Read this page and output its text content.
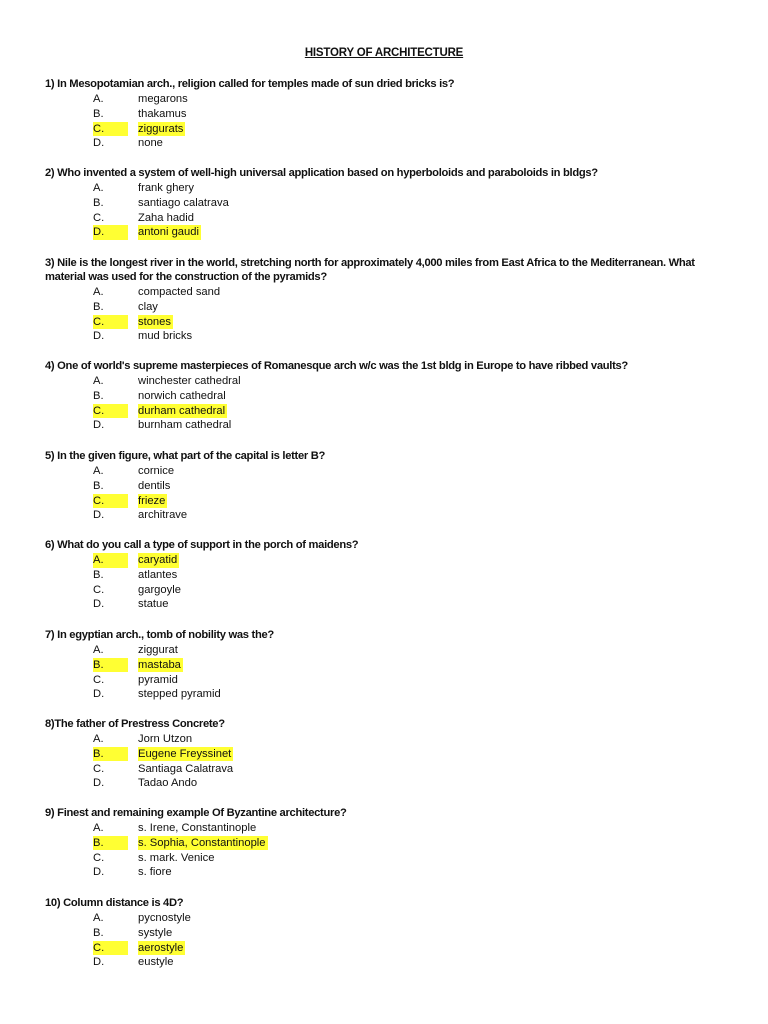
HISTORY OF ARCHITECTURE
1) In Mesopotamian arch., religion called for temples made of sun dried bricks is?
A.	megarons
B.	thakamus
C.	ziggurats
D.	none
2) Who invented a system of well-high universal application based on hyperboloids and paraboloids in bldgs?
A.	frank ghery
B.	santiago calatrava
C.	Zaha hadid
D.	antoni gaudi
3) Nile is the longest river in the world, stretching north for approximately 4,000 miles from East Africa to the Mediterranean. What material was used for the construction of the pyramids?
A.	compacted sand
B.	clay
C.	stones
D.	mud bricks
4) One of world's supreme masterpieces of Romanesque arch w/c was the 1st bldg in Europe to have ribbed vaults?
A.	winchester cathedral
B.	norwich cathedral
C.	durham cathedral
D.	burnham cathedral
5) In the given figure, what part of the capital is letter B?
A.	cornice
B.	dentils
C.	frieze
D.	architrave
6) What do you call a type of support in the porch of maidens?
A.	caryatid
B.	atlantes
C.	gargoyle
D.	statue
7) In egyptian arch., tomb of nobility was the?
A.	ziggurat
B.	mastaba
C.	pyramid
D.	stepped pyramid
8)The father of Prestress Concrete?
A.	Jorn Utzon
B.	Eugene Freyssinet
C.	Santiaga Calatrava
D.	Tadao Ando
9) Finest and remaining example Of Byzantine architecture?
A.	s. Irene, Constantinople
B.	s. Sophia, Constantinople
C.	s. mark. Venice
D.	s. fiore
10) Column distance is 4D?
A.	pycnostyle
B.	systyle
C.	aerostyle
D.	eustyle
